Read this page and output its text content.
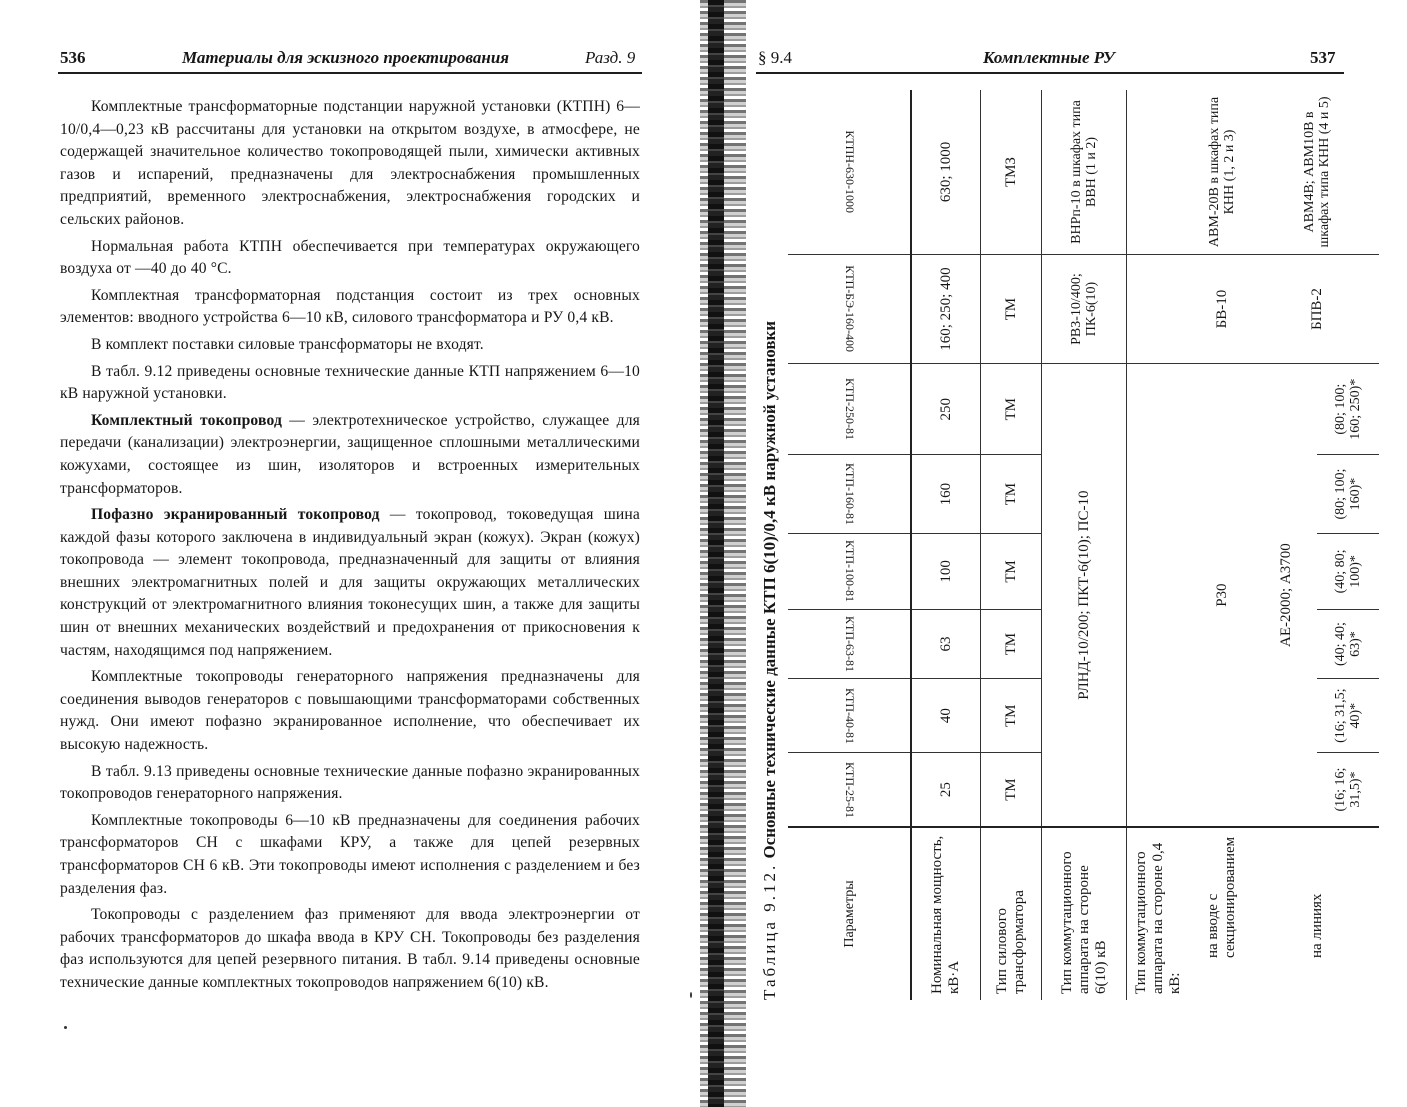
536	Материалы для эскизного проектирования	Разд. 9

Комплектные трансформаторные подстанции наружной установки (КТПН) 6—10/0,4—0,23 кВ рассчитаны для установки на открытом воздухе, в атмосфере, не содержащей значительное количество токопроводящей пыли, химически активных газов и испарений, предназначены для электроснабжения промышленных предприятий, временного электроснабжения, электроснабжения городских и сельских районов.

Нормальная работа КТПН обеспечивается при температурах окружающего воздуха от —40 до 40 °С.

Комплектная трансформаторная подстанция состоит из трех основных элементов: вводного устройства 6—10 кВ, силового трансформатора и РУ 0,4 кВ.

В комплект поставки силовые трансформаторы не входят.

В табл. 9.12 приведены основные технические данные КТП напряжением 6—10 кВ наружной установки.

Комплектный токопровод — электротехническое устройство, служащее для передачи (канализации) электроэнергии, защищенное сплошными металлическими кожухами, состоящее из шин, изоляторов и встроенных измерительных трансформаторов.

Пофазно экранированный токопровод — токопровод, токоведущая шина каждой фазы которого заключена в индивидуальный экран (кожух). Экран (кожух) токопровода — элемент токопровода, предназначенный для защиты от влияния внешних электромагнитных полей и для защиты окружающих металлических конструкций от электромагнитного влияния токонесущих шин, а также для защиты шин от внешних механических воздействий и предохранения от прикосновения к частям, находящимся под напряжением.

Комплектные токопроводы генераторного напряжения предназначены для соединения выводов генераторов с повышающими трансформаторами собственных нужд. Они имеют пофазно экранированное исполнение, что обеспечивает их высокую надежность.

В табл. 9.13 приведены основные технические данные пофазно экранированных токопроводов генераторного напряжения.

Комплектные токопроводы 6—10 кВ предназначены для соединения рабочих трансформаторов СН с шкафами КРУ, а также для цепей резервных трансформаторов СН 6 кВ. Эти токопроводы имеют исполнения с разделением и без разделения фаз.

Токопроводы с разделением фаз применяют для ввода электроэнергии от рабочих трансформаторов до шкафа ввода в КРУ СН. Токопроводы без разделения фаз используются для цепей резервного питания. В табл. 9.14 приведены основные технические данные комплектных токопроводов напряжением 6(10) кВ.

§ 9.4	Комплектные РУ	537
Таблица 9.12. Основные технические данные КТП 6(10)/0,4 кВ наружной установки
Параметры	КТП-25-81	КТП-40-81	КТП-63-81	КТП-100-81	КТП-160-81	КТП-250-81	КТП-БЭ-160-400	КТПН-630-1000
Номинальная мощность, кВ·А	25	40	63	100	160	250	160; 250; 400	630; 1000
Тип силового трансформатора	ТМ	ТМ	ТМ	ТМ	ТМ	ТМ	ТМ	ТМЗ
Тип коммутационного аппарата на стороне 6(10) кВ	РЛНД-10/200; ПКТ-6(10); ПС-10						РВЗ-10/400; ПК-6(10)	ВНРп-10 в шкафах типа ВВН (1 и 2)
Тип коммутационного аппарата на стороне 0,4 кВ:								
на вводе с секционированием	Р30						БВ-10	АВМ-20В в шкафах типа КНН (1, 2 и 3)
на линиях	АЕ-2000; А3700						БПВ-2	АВМ4В; АВМ10В в шкафах типа КНН (4 и 5)
	(16; 16; 31,5)*	(16; 31,5; 40)*	(40; 40; 63)*	(40; 80; 100)*	(80; 100; 160)*	(80; 100; 160; 250)*		
